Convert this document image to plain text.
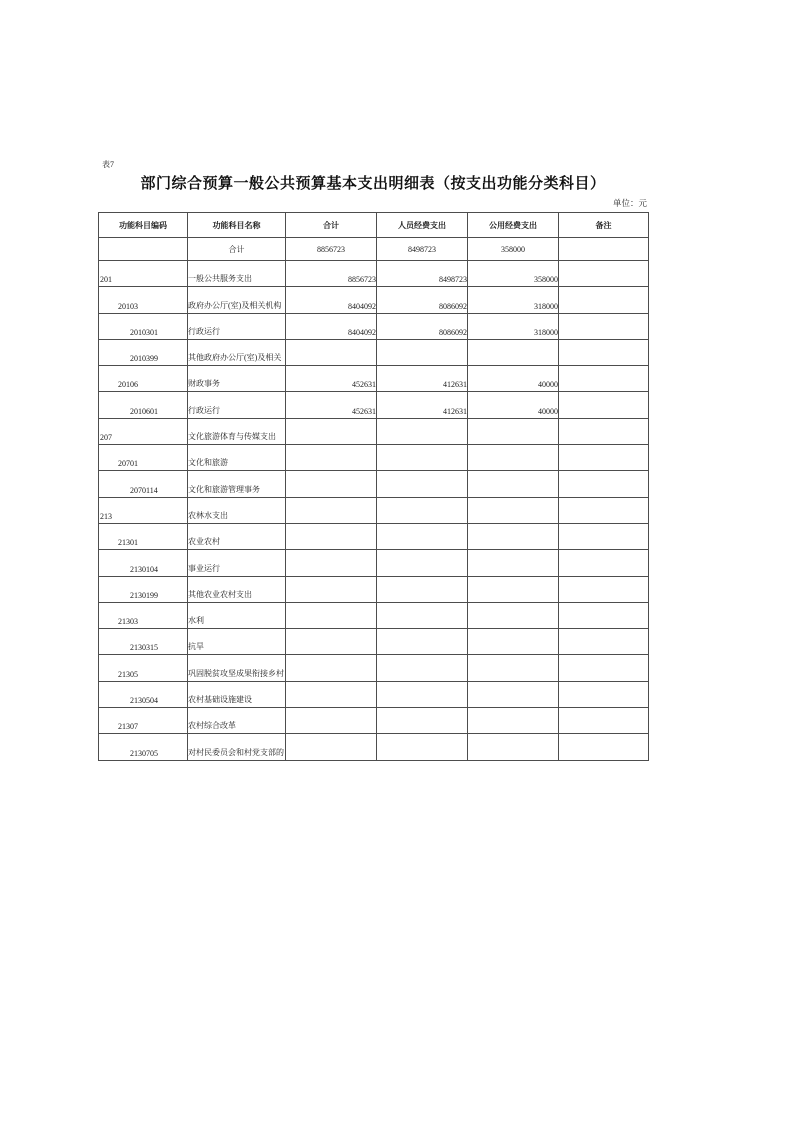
表7
部门综合预算一般公共预算基本支出明细表（按支出功能分类科目）
单位：元
功能科目编码	功能科目名称	合计	人员经费支出	公用经费支出	备注
	合计	8856723	8498723	358000	
201	一般公共服务支出	8856723	8498723	358000	
20103	政府办公厅(室)及相关机构	8404092	8086092	318000	
2010301	行政运行	8404092	8086092	318000	
2010399	其他政府办公厅(室)及相关				
20106	财政事务	452631	412631	40000	
2010601	行政运行	452631	412631	40000	
207	文化旅游体育与传媒支出				
20701	文化和旅游				
2070114	文化和旅游管理事务				
213	农林水支出				
21301	农业农村				
2130104	事业运行				
2130199	其他农业农村支出				
21303	水利				
2130315	抗旱				
21305	巩固脱贫攻坚成果衔接乡村				
2130504	农村基础设施建设				
21307	农村综合改革				
2130705	对村民委员会和村党支部的				
